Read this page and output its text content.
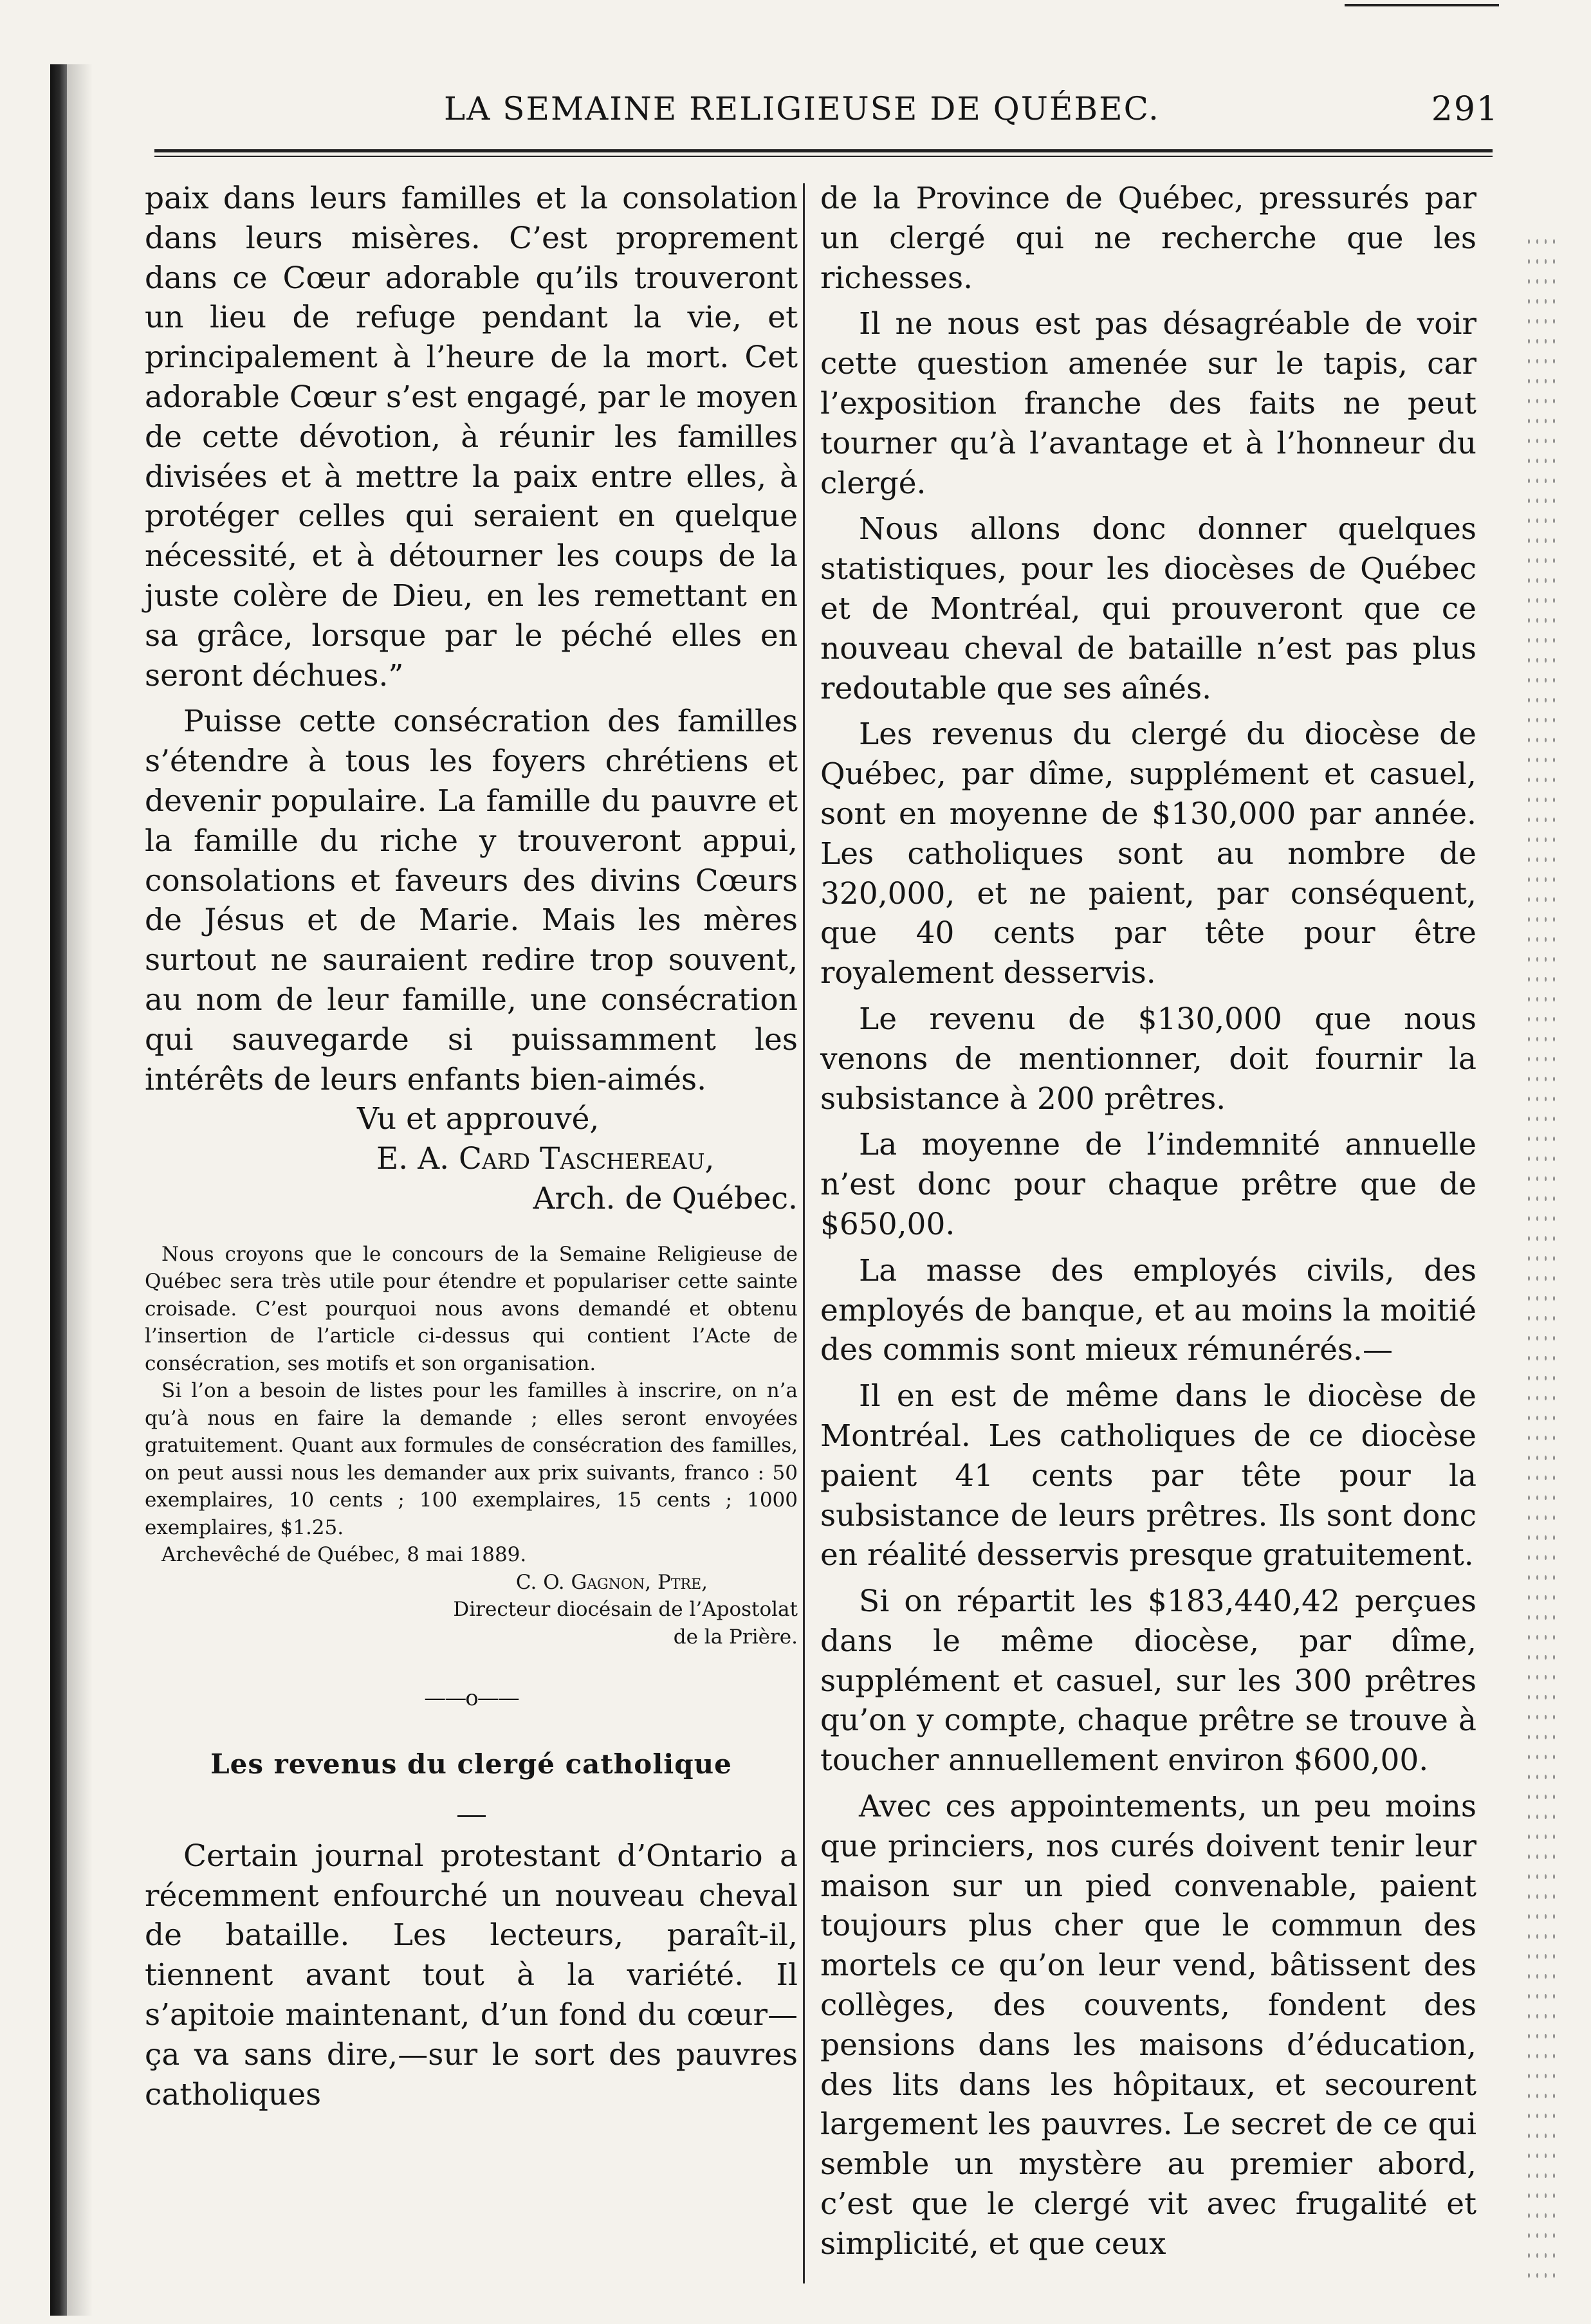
LA SEMAINE RELIGIEUSE DE QUÉBEC.	291

paix dans leurs familles et la consolation dans leurs misères. C’est proprement dans ce Cœur adorable qu’ils trouveront un lieu de refuge pendant la vie, et principalement à l’heure de la mort. Cet adorable Cœur s’est engagé, par le moyen de cette dévotion, à réunir les familles divisées et à mettre la paix entre elles, à protéger celles qui seraient en quelque nécessité, et à détourner les coups de la juste colère de Dieu, en les remettant en sa grâce, lorsque par le péché elles en seront déchues.”

Puisse cette consécration des familles s’étendre à tous les foyers chrétiens et devenir populaire. La famille du pauvre et la famille du riche y trouveront appui, consolations et faveurs des divins Cœurs de Jésus et de Marie. Mais les mères surtout ne sauraient redire trop souvent, au nom de leur famille, une consécration qui sauvegarde si puissamment les intérêts de leurs enfants bien-aimés.

Vu et approuvé,

E. A. Card Taschereau,

Arch. de Québec.

Nous croyons que le concours de la Semaine Religieuse de Québec sera très utile pour étendre et populariser cette sainte croisade. C’est pourquoi nous avons demandé et obtenu l’insertion de l’article ci-dessus qui contient l’Acte de consécration, ses motifs et son organisation.

Si l’on a besoin de listes pour les familles à inscrire, on n’a qu’à nous en faire la demande ; elles seront envoyées gratuitement. Quant aux formules de consécration des familles, on peut aussi nous les demander aux prix suivants, franco : 50 exemplaires, 10 cents ; 100 exemplaires, 15 cents ; 1000 exemplaires, $1.25.

Archevêché de Québec, 8 mai 1889.

C. O. Gagnon, Ptre,

Directeur diocésain de l’Apostolat

de la Prière.

——o——
Les revenus du clergé catholique

Certain journal protestant d’Ontario a récemment enfourché un nouveau cheval de bataille. Les lecteurs, paraît-il, tiennent avant tout à la variété. Il s’apitoie maintenant, d’un fond du cœur—ça va sans dire,—sur le sort des pauvres catholiques

de la Province de Québec, pressurés par un clergé qui ne recherche que les richesses.

Il ne nous est pas désagréable de voir cette question amenée sur le tapis, car l’exposition franche des faits ne peut tourner qu’à l’avantage et à l’honneur du clergé.

Nous allons donc donner quelques statistiques, pour les diocèses de Québec et de Montréal, qui prouveront que ce nouveau cheval de bataille n’est pas plus redoutable que ses aînés.

Les revenus du clergé du diocèse de Québec, par dîme, supplément et casuel, sont en moyenne de $130,000 par année. Les catholiques sont au nombre de 320,000, et ne paient, par conséquent, que 40 cents par tête pour être royalement desservis.

Le revenu de $130,000 que nous venons de mentionner, doit fournir la subsistance à 200 prêtres.

La moyenne de l’indemnité annuelle n’est donc pour chaque prêtre que de $650,00.

La masse des employés civils, des employés de banque, et au moins la moitié des commis sont mieux rémunérés.—

Il en est de même dans le diocèse de Montréal. Les catholiques de ce diocèse paient 41 cents par tête pour la subsistance de leurs prêtres. Ils sont donc en réalité desservis presque gratuitement.

Si on répartit les $183,440,42 perçues dans le même diocèse, par dîme, supplément et casuel, sur les 300 prêtres qu’on y compte, chaque prêtre se trouve à toucher annuellement environ $600,00.

Avec ces appointements, un peu moins que princiers, nos curés doivent tenir leur maison sur un pied convenable, paient toujours plus cher que le commun des mortels ce qu’on leur vend, bâtissent des collèges, des couvents, fondent des pensions dans les maisons d’éducation, des lits dans les hôpitaux, et secourent largement les pauvres. Le secret de ce qui semble un mystère au premier abord, c’est que le clergé vit avec frugalité et simplicité, et que ceux
